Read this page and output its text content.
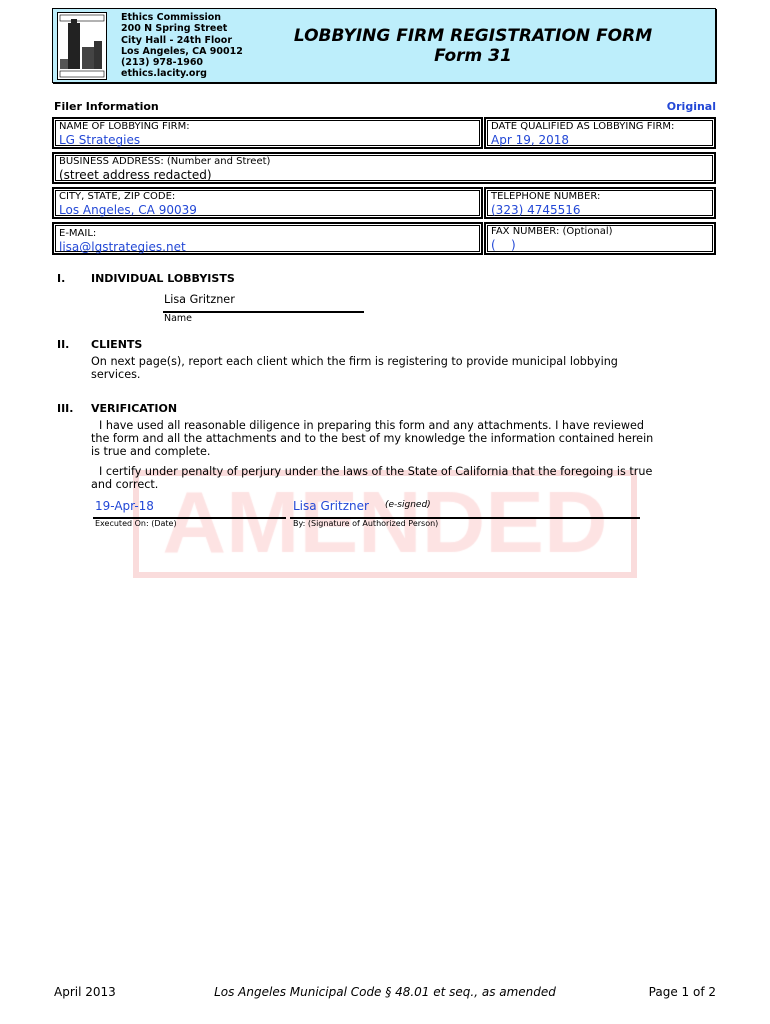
Ethics Commission
200 N Spring Street
City Hall - 24th Floor
Los Angeles, CA 90012
(213) 978-1960
ethics.lacity.org
LOBBYING FIRM REGISTRATION FORM
Form 31
Filer Information	Original
NAME OF LOBBYING FIRM:
LG Strategies
DATE QUALIFIED AS LOBBYING FIRM:
Apr 19, 2018
BUSINESS ADDRESS: (Number and Street)
(street address redacted)
CITY, STATE, ZIP CODE:
Los Angeles, CA 90039
TELEPHONE NUMBER:
(323) 4745516
E-MAIL:
lisa@lgstrategies.net
FAX NUMBER: (Optional)
(    )
I. INDIVIDUAL LOBBYISTS
Lisa Gritzner
Name
II. CLIENTS
On next page(s), report each client which the firm is registering to provide municipal lobbying services.
III. VERIFICATION
I have used all reasonable diligence in preparing this form and any attachments. I have reviewed the form and all the attachments and to the best of my knowledge the information contained herein is true and complete.
I certify under penalty of perjury under the laws of the State of California that the foregoing is true and correct.
19-Apr-18	Lisa Gritzner (e-signed)
Executed On: (Date)	By: (Signature of Authorized Person)
April 2013	Los Angeles Municipal Code § 48.01 et seq., as amended	Page 1 of 2
